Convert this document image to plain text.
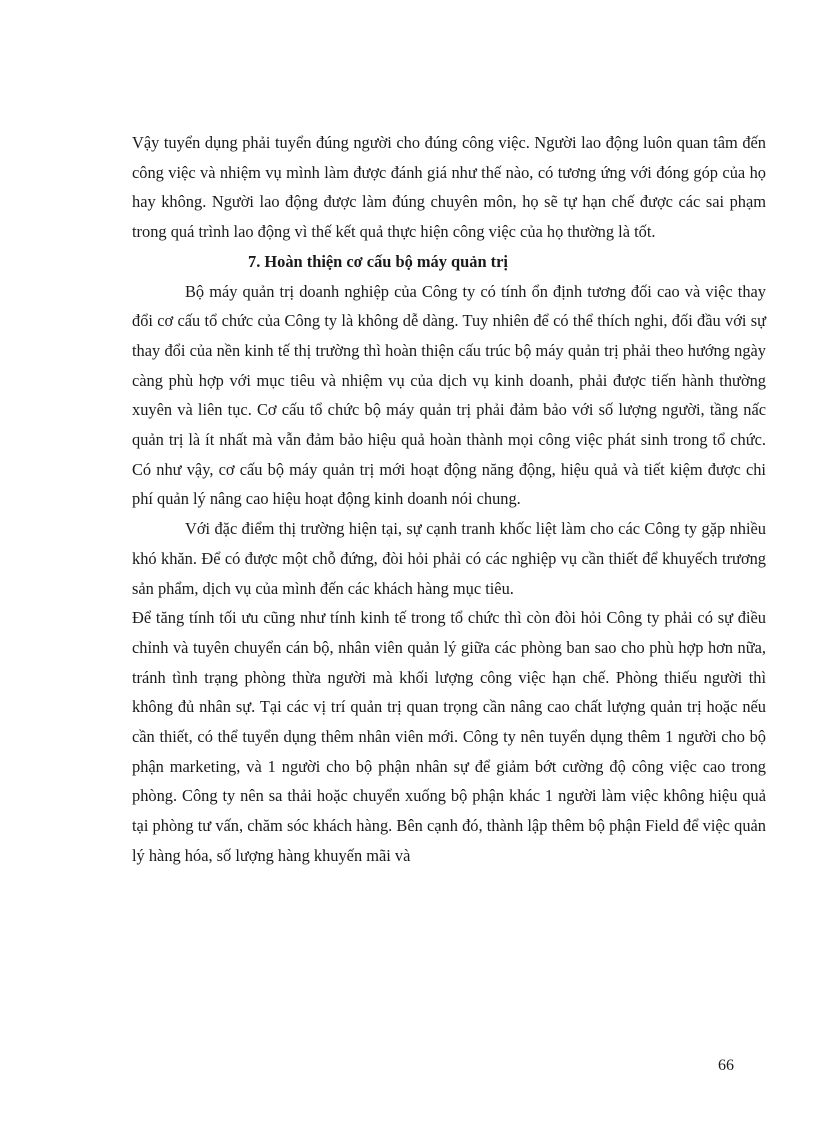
Vậy tuyển dụng phải tuyển đúng người cho đúng công việc. Người lao động luôn quan tâm đến công việc và nhiệm vụ mình làm được đánh giá như thế nào, có tương ứng với đóng góp của họ hay không. Người lao động được làm đúng chuyên môn, họ sẽ tự hạn chế được các sai phạm trong quá trình lao động vì thế kết quả thực hiện công việc của họ thường là tốt.

7. Hoàn thiện cơ cấu bộ máy quản trị

Bộ máy quản trị doanh nghiệp của Công ty có tính ổn định tương đối cao và việc thay đổi cơ cấu tổ chức của Công ty là không dễ dàng. Tuy nhiên để có thể thích nghi, đối đầu với sự thay đổi của nền kinh tế thị trường thì hoàn thiện cấu trúc bộ máy quản trị phải theo hướng ngày càng phù hợp với mục tiêu và nhiệm vụ của dịch vụ kinh doanh, phải được tiến hành thường xuyên và liên tục. Cơ cấu tổ chức bộ máy quản trị phải đảm bảo với số lượng người, tầng nấc quản trị là ít nhất mà vẫn đảm bảo hiệu quả hoàn thành mọi công việc phát sinh trong tổ chức. Có như vậy, cơ cấu bộ máy quản trị mới hoạt động năng động, hiệu quả và tiết kiệm được chi phí quản lý nâng cao hiệu hoạt động kinh doanh nói chung.

Với đặc điểm thị trường hiện tại, sự cạnh tranh khốc liệt làm cho các Công ty gặp nhiều khó khăn. Để có được một chỗ đứng, đòi hỏi phải có các nghiệp vụ cần thiết để khuyếch trương sản phẩm, dịch vụ của mình đến các khách hàng mục tiêu.

Để tăng tính tối ưu cũng như tính kinh tế trong tổ chức thì còn đòi hỏi Công ty phải có sự điều chỉnh và tuyên chuyển cán bộ, nhân viên quản lý giữa các phòng ban sao cho phù hợp hơn nữa, tránh tình trạng phòng thừa người mà khối lượng công việc hạn chế. Phòng thiếu người thì không đủ nhân sự. Tại các vị trí quản trị quan trọng cần nâng cao chất lượng quản trị hoặc nếu cần thiết, có thể tuyển dụng thêm nhân viên mới. Công ty nên tuyển dụng thêm 1 người cho bộ phận marketing, và 1 người cho bộ phận nhân sự để giảm bớt cường độ công việc cao trong phòng. Công ty nên sa thải hoặc chuyển xuống bộ phận khác 1 người làm việc không hiệu quả tại phòng tư vấn, chăm sóc khách hàng. Bên cạnh đó, thành lập thêm bộ phận Field để việc quản lý hàng hóa, số lượng hàng khuyến mãi và

66
